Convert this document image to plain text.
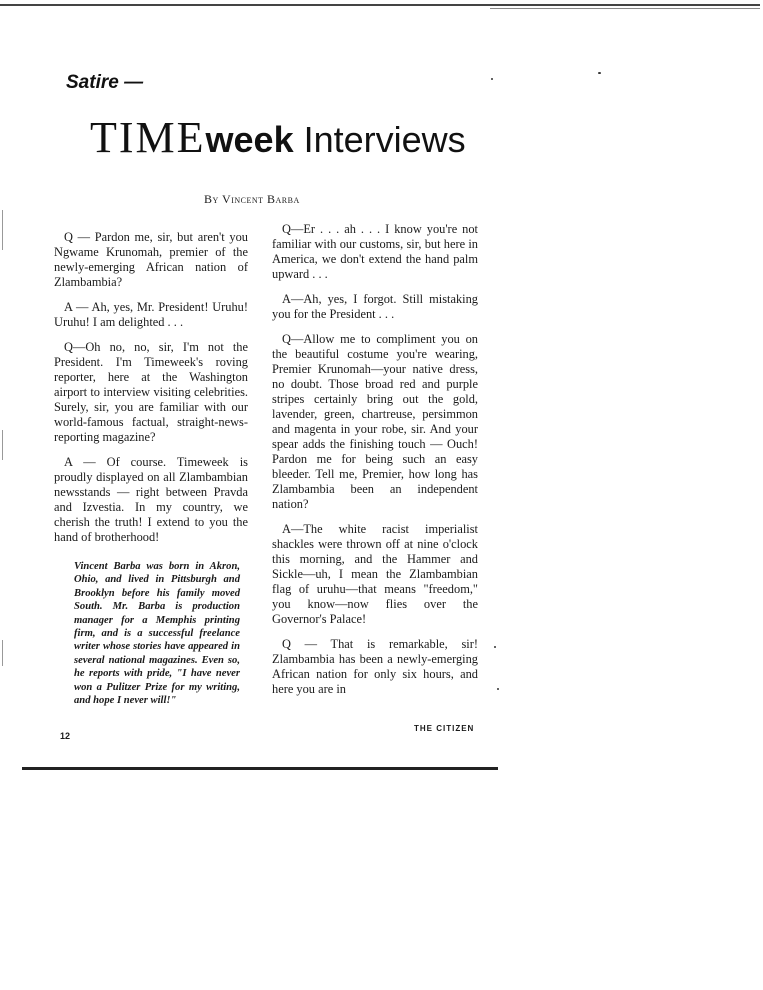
Satire —
TIMEweek Interviews
By Vincent Barba

Q — Pardon me, sir, but aren't you Ngwame Krunomah, premier of the newly-emerging African nation of Zlambambia?

A — Ah, yes, Mr. President! Uruhu! Uruhu! I am delighted . . .

Q—Oh no, no, sir, I'm not the President. I'm Timeweek's roving reporter, here at the Washington airport to interview visiting celebrities. Surely, sir, you are familiar with our world-famous factual, straight-news-reporting magazine?

A — Of course. Timeweek is proudly displayed on all Zlambambian newsstands — right between Pravda and Izvestia. In my country, we cherish the truth! I extend to you the hand of brotherhood!

Vincent Barba was born in Akron, Ohio, and lived in Pittsburgh and Brooklyn before his family moved South. Mr. Barba is production manager for a Memphis printing firm, and is a successful freelance writer whose stories have appeared in several national magazines. Even so, he reports with pride, "I have never won a Pulitzer Prize for my writing, and hope I never will!"

Q—Er . . . ah . . . I know you're not familiar with our customs, sir, but here in America, we don't extend the hand palm upward . . .

A—Ah, yes, I forgot. Still mistaking you for the President . . .

Q—Allow me to compliment you on the beautiful costume you're wearing, Premier Krunomah—your native dress, no doubt. Those broad red and purple stripes certainly bring out the gold, lavender, green, chartreuse, persimmon and magenta in your robe, sir. And your spear adds the finishing touch — Ouch! Pardon me for being such an easy bleeder. Tell me, Premier, how long has Zlambambia been an independent nation?

A—The white racist imperialist shackles were thrown off at nine o'clock this morning, and the Hammer and Sickle—uh, I mean the Zlambambian flag of uruhu—that means "freedom," you know—now flies over the Governor's Palace!

Q — That is remarkable, sir! Zlambambia has been a newly-emerging African nation for only six hours, and here you are in

12
THE CITIZEN
